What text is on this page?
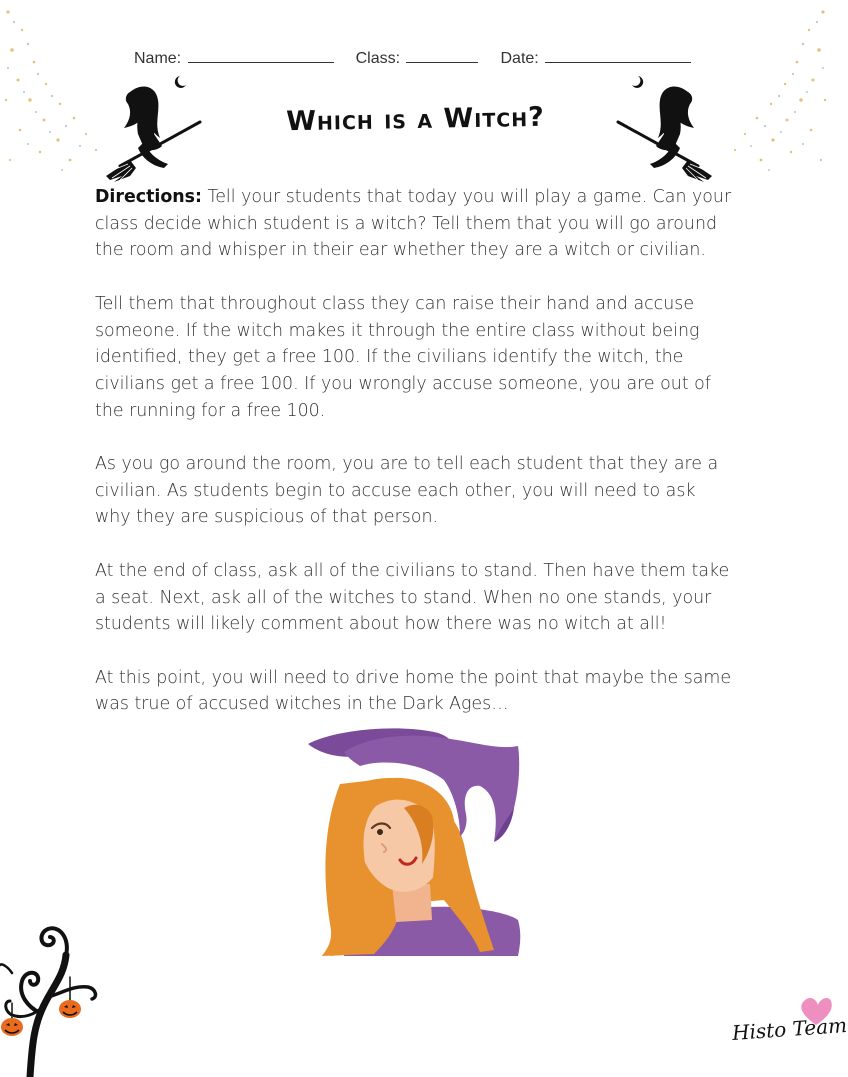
Name:	Class:	Date:
Which is a Witch?

Directions: Tell your students that today you will play a game. Can your class decide which student is a witch? Tell them that you will go around the room and whisper in their ear whether they are a witch or civilian.

Tell them that throughout class they can raise their hand and accuse someone. If the witch makes it through the entire class without being identified, they get a free 100. If the civilians identify the witch, the civilians get a free 100. If you wrongly accuse someone, you are out of the running for a free 100.

As you go around the room, you are to tell each student that they are a civilian. As students begin to accuse each other, you will need to ask why they are suspicious of that person.

At the end of class, ask all of the civilians to stand. Then have them take a seat. Next, ask all of the witches to stand. When no one stands, your students will likely comment about how there was no witch at all!

At this point, you will need to drive home the point that maybe the same was true of accused witches in the Dark Ages…

Histo Team
